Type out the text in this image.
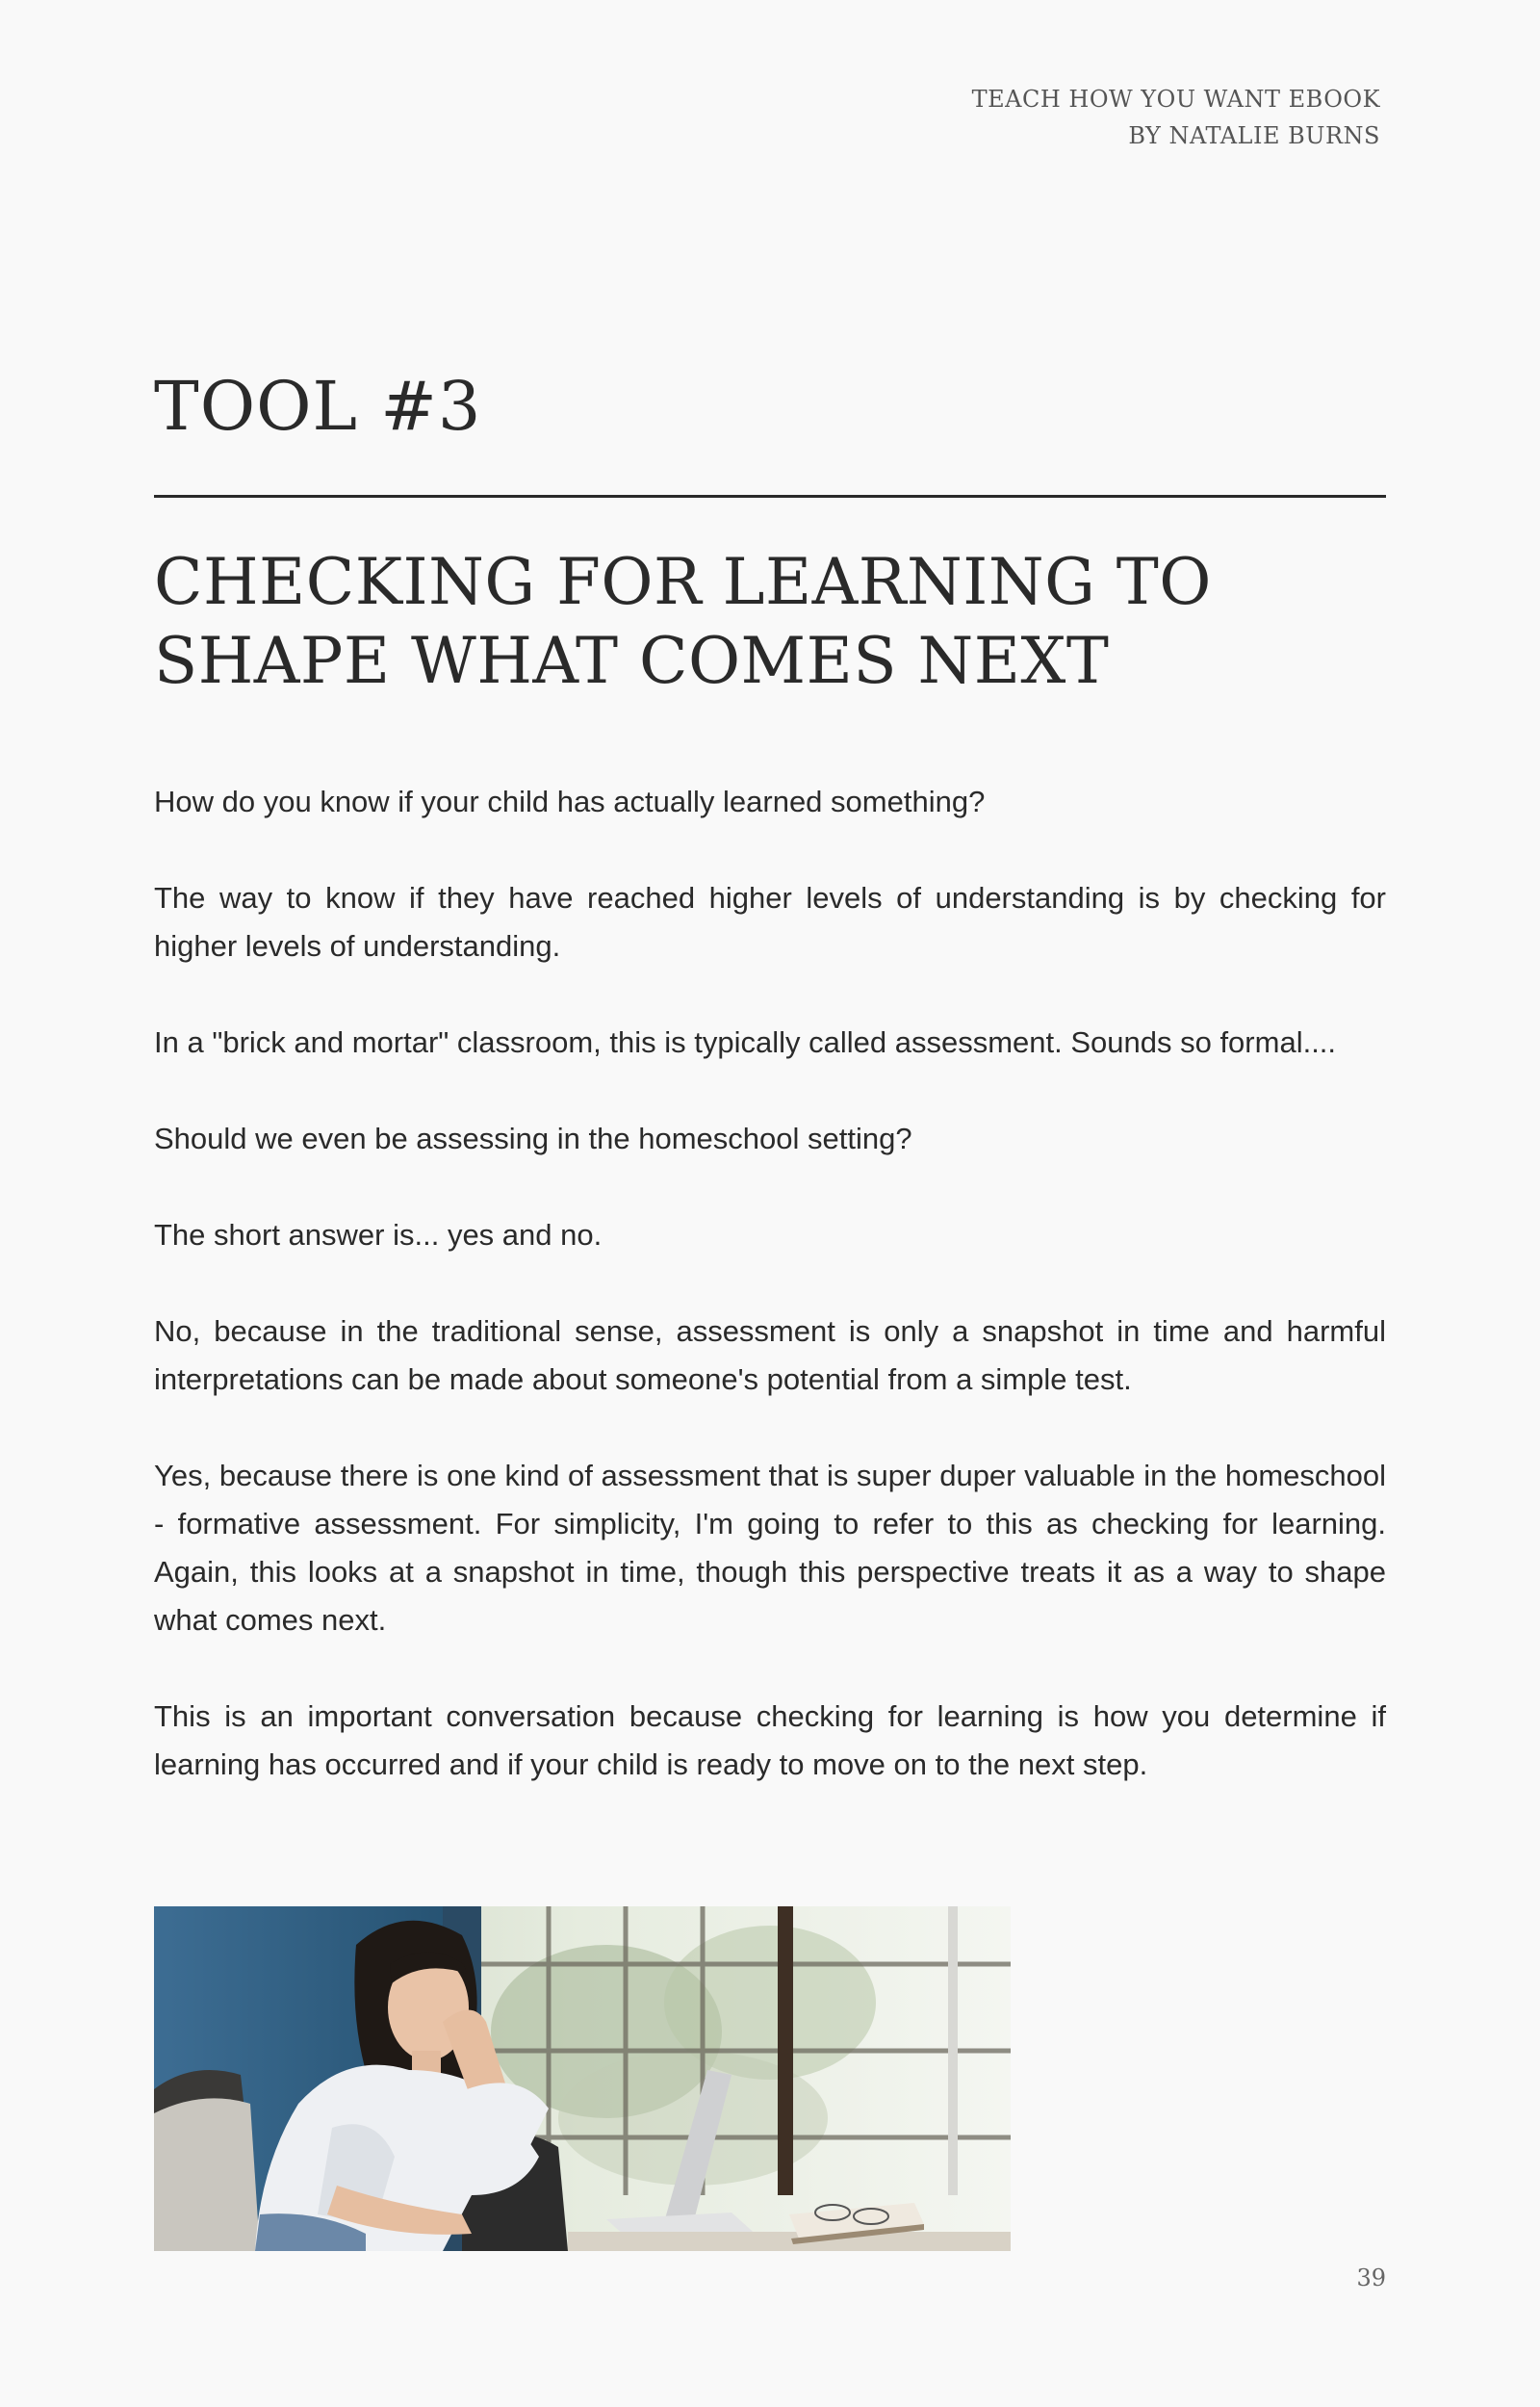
TEACH HOW YOU WANT EBOOK
BY NATALIE BURNS
TOOL #3
CHECKING FOR LEARNING TO SHAPE WHAT COMES NEXT

How do you know if your child has actually learned something?

The way to know if they have reached higher levels of understanding is by checking for higher levels of understanding.

In a "brick and mortar" classroom, this is typically called assessment. Sounds so formal....

Should we even be assessing in the homeschool setting?

The short answer is... yes and no.

No, because in the traditional sense, assessment is only a snapshot in time and harmful interpretations can be made about someone's potential from a simple test.

Yes, because there is one kind of assessment that is super duper valuable in the homeschool - formative assessment. For simplicity, I'm going to refer to this as checking for learning. Again, this looks at a snapshot in time, though this perspective treats it as a way to shape what comes next.

This is an important conversation because checking for learning is how you determine if learning has occurred and if your child is ready to move on to the next step.

39
